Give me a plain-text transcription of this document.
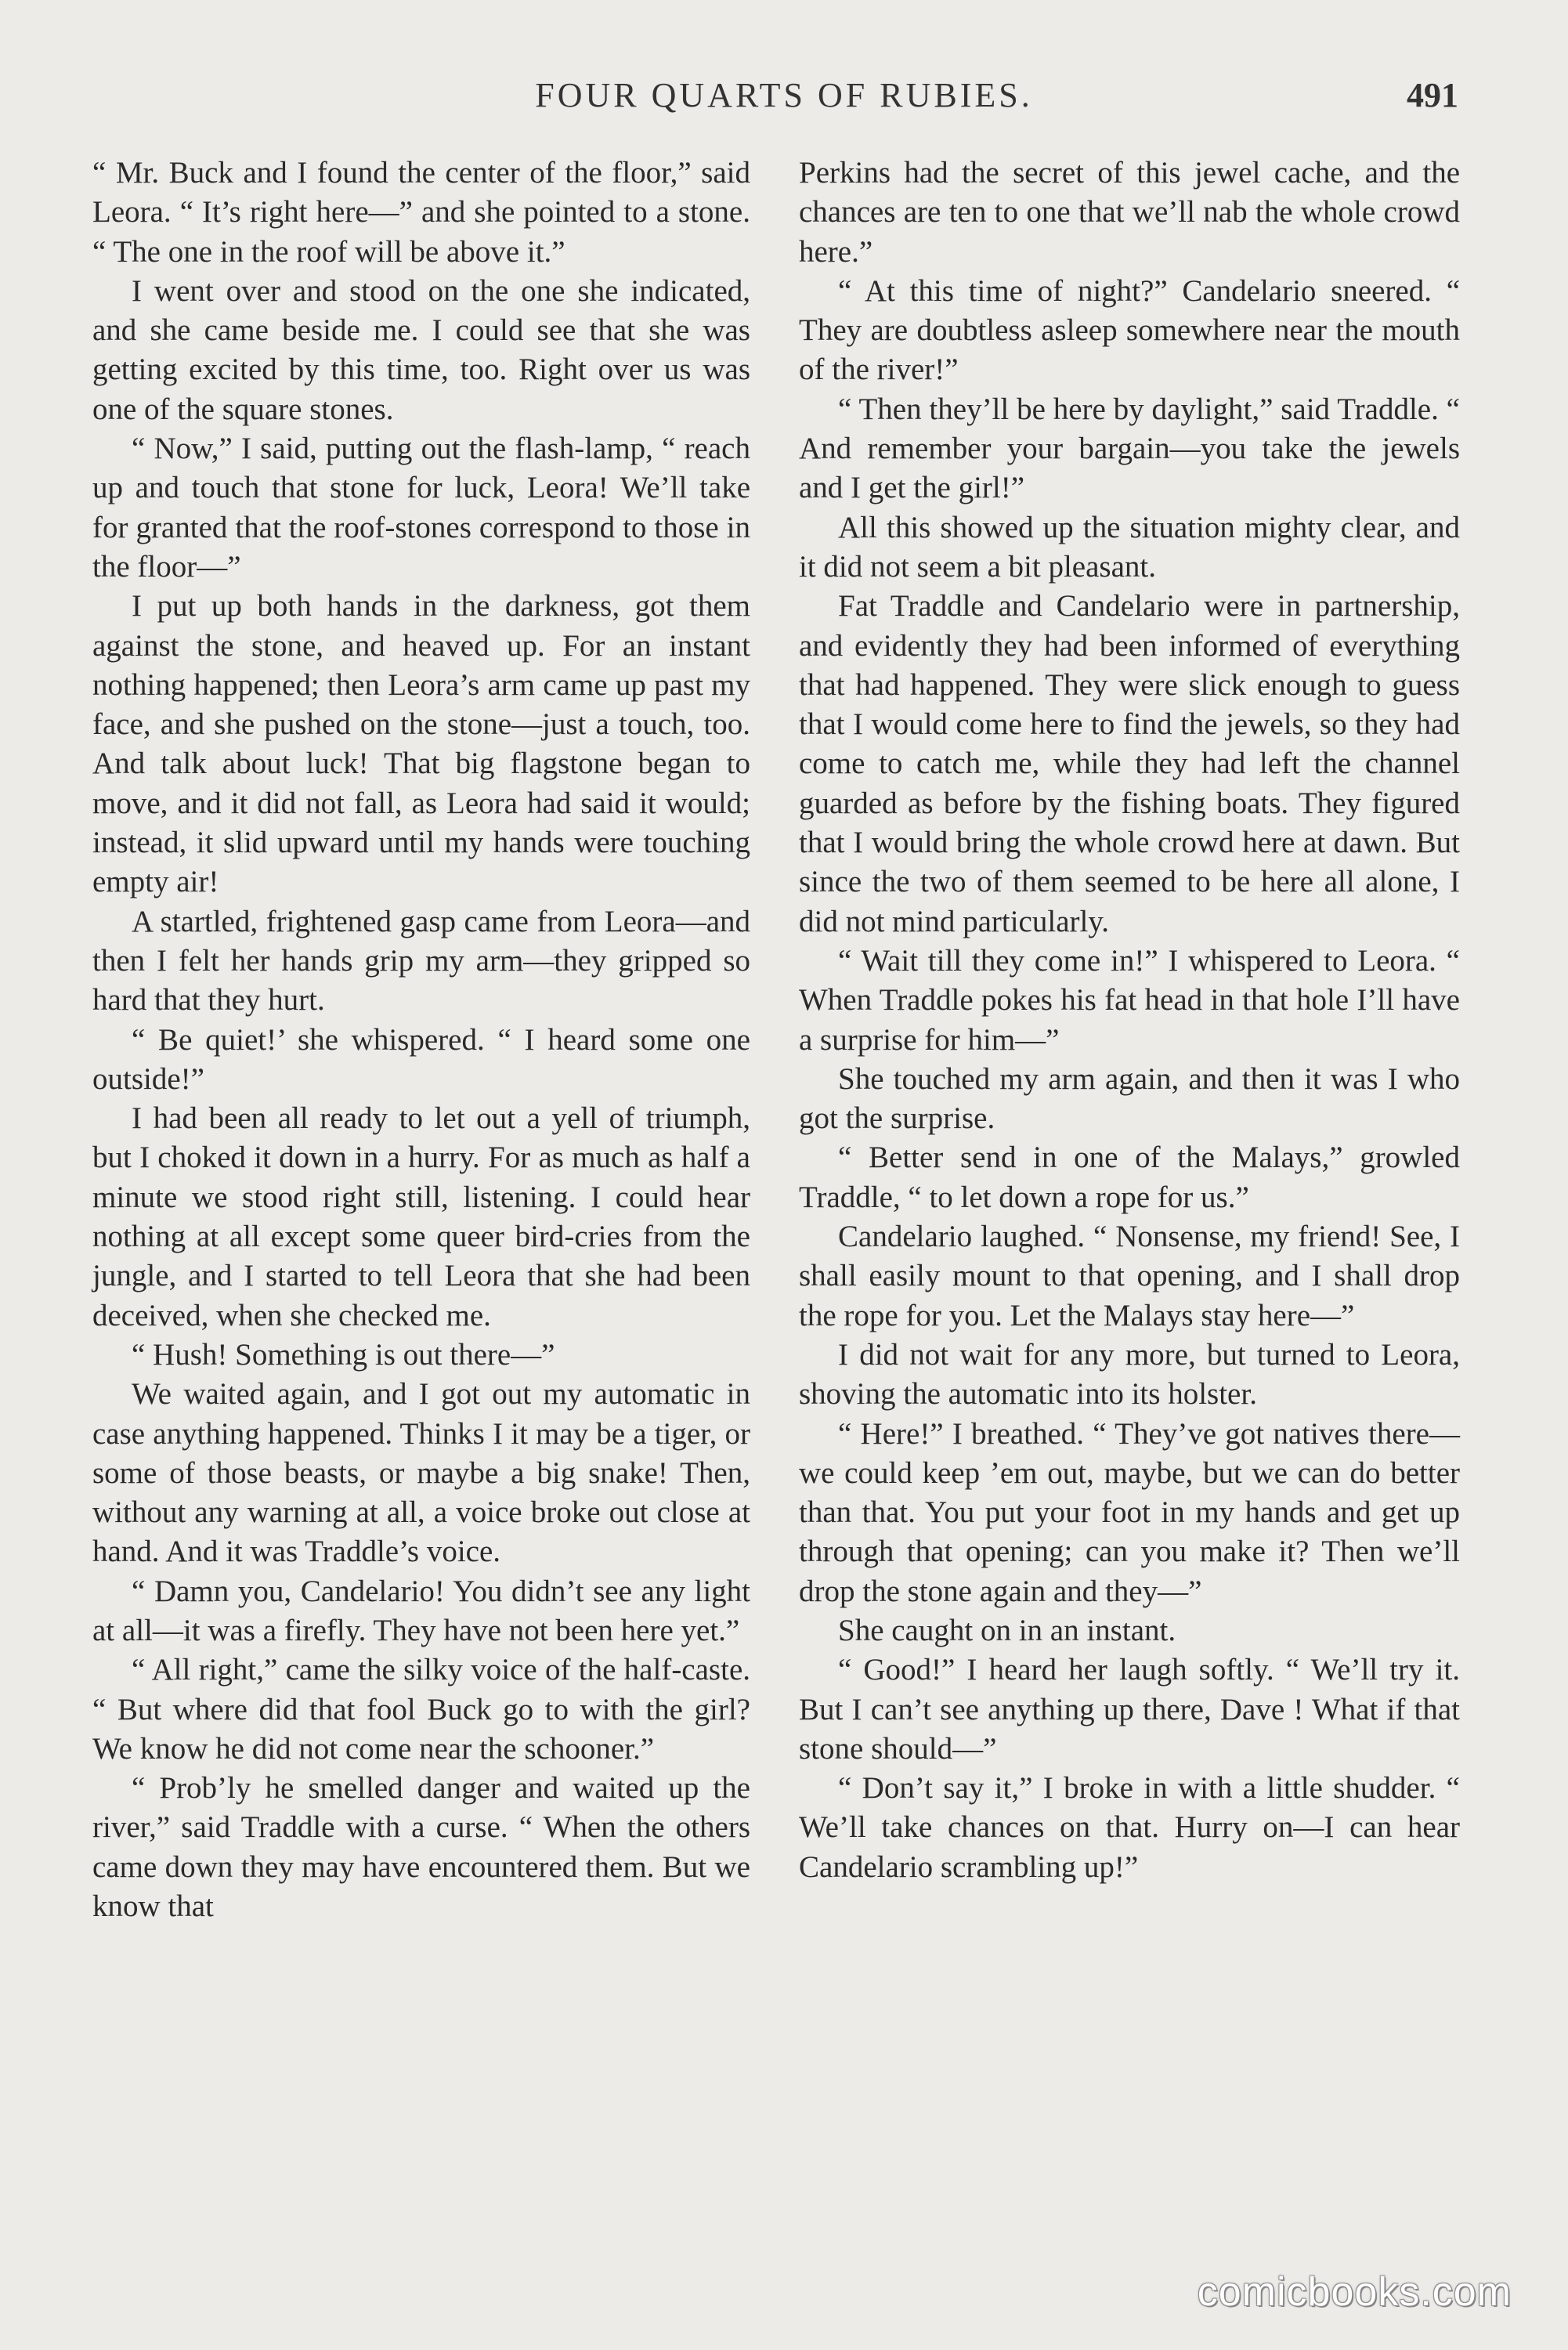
FOUR QUARTS OF RUBIES.	491

“ Mr. Buck and I found the center of the floor,” said Leora. “ It’s right here—” and she pointed to a stone. “ The one in the roof will be above it.”

I went over and stood on the one she indicated, and she came beside me. I could see that she was getting excited by this time, too. Right over us was one of the square stones.

“ Now,” I said, putting out the flash-lamp, “ reach up and touch that stone for luck, Leora! We’ll take for granted that the roof-stones correspond to those in the floor—”

I put up both hands in the darkness, got them against the stone, and heaved up. For an instant nothing happened; then Leora’s arm came up past my face, and she pushed on the stone—just a touch, too. And talk about luck! That big flagstone began to move, and it did not fall, as Leora had said it would; instead, it slid upward until my hands were touching empty air!

A startled, frightened gasp came from Leora—and then I felt her hands grip my arm—they gripped so hard that they hurt.

“ Be quiet!’ she whispered. “ I heard some one outside!”

I had been all ready to let out a yell of triumph, but I choked it down in a hurry. For as much as half a minute we stood right still, listening. I could hear nothing at all except some queer bird-cries from the jungle, and I started to tell Leora that she had been deceived, when she checked me.

“ Hush! Something is out there—”

We waited again, and I got out my automatic in case anything happened. Thinks I it may be a tiger, or some of those beasts, or maybe a big snake! Then, without any warning at all, a voice broke out close at hand. And it was Traddle’s voice.

“ Damn you, Candelario! You didn’t see any light at all—it was a firefly. They have not been here yet.”

“ All right,” came the silky voice of the half-caste. “ But where did that fool Buck go to with the girl? We know he did not come near the schooner.”

“ Prob’ly he smelled danger and waited up the river,” said Traddle with a curse. “ When the others came down they may have encountered them. But we know that

Perkins had the secret of this jewel cache, and the chances are ten to one that we’ll nab the whole crowd here.”

“ At this time of night?” Candelario sneered. “ They are doubtless asleep somewhere near the mouth of the river!”

“ Then they’ll be here by daylight,” said Traddle. “ And remember your bargain—you take the jewels and I get the girl!”

All this showed up the situation mighty clear, and it did not seem a bit pleasant.

Fat Traddle and Candelario were in partnership, and evidently they had been informed of everything that had happened. They were slick enough to guess that I would come here to find the jewels, so they had come to catch me, while they had left the channel guarded as before by the fishing boats. They figured that I would bring the whole crowd here at dawn. But since the two of them seemed to be here all alone, I did not mind particularly.

“ Wait till they come in!” I whispered to Leora. “ When Traddle pokes his fat head in that hole I’ll have a surprise for him—”

She touched my arm again, and then it was I who got the surprise.

“ Better send in one of the Malays,” growled Traddle, “ to let down a rope for us.”

Candelario laughed. “ Nonsense, my friend! See, I shall easily mount to that opening, and I shall drop the rope for you. Let the Malays stay here—”

I did not wait for any more, but turned to Leora, shoving the automatic into its holster.

“ Here!” I breathed. “ They’ve got natives there—we could keep ’em out, maybe, but we can do better than that. You put your foot in my hands and get up through that opening; can you make it? Then we’ll drop the stone again and they—”

She caught on in an instant.

“ Good!” I heard her laugh softly. “ We’ll try it. But I can’t see anything up there, Dave ! What if that stone should—”

“ Don’t say it,” I broke in with a little shudder. “ We’ll take chances on that. Hurry on—I can hear Candelario scrambling up!”

comicbooks.com
